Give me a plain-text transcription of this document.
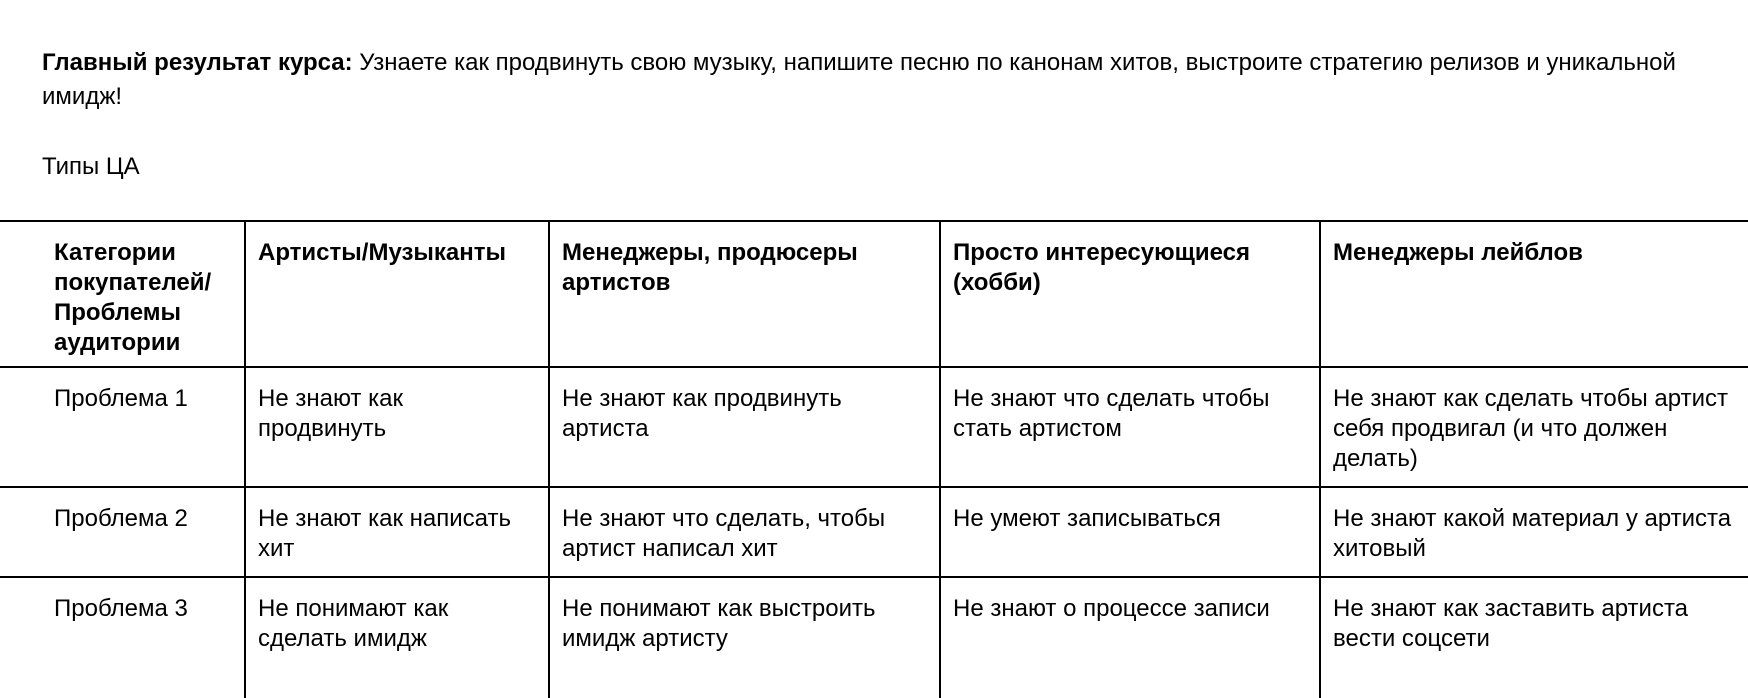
Главный результат курса: Узнаете как продвинуть свою музыку, напишите песню по канонам хитов, выстроите стратегию релизов и уникальной имидж!

Типы ЦА

Категории покупателей/ Проблемы аудитории	Артисты/Музыканты	Менеджеры, продюсеры артистов	Просто интересующиеся (хобби)	Менеджеры лейблов
Проблема 1	Не знают как продвинуть	Не знают как продвинуть артиста	Не знают что сделать чтобы стать артистом	Не знают как сделать чтобы артист себя продвигал (и что должен делать)
Проблема 2	Не знают как написать хит	Не знают что сделать, чтобы артист написал хит	Не умеют записываться	Не знают какой материал у артиста хитовый
Проблема 3	Не понимают как сделать имидж	Не понимают как выстроить имидж артисту	Не знают о процессе записи	Не знают как заставить артиста вести соцсети
